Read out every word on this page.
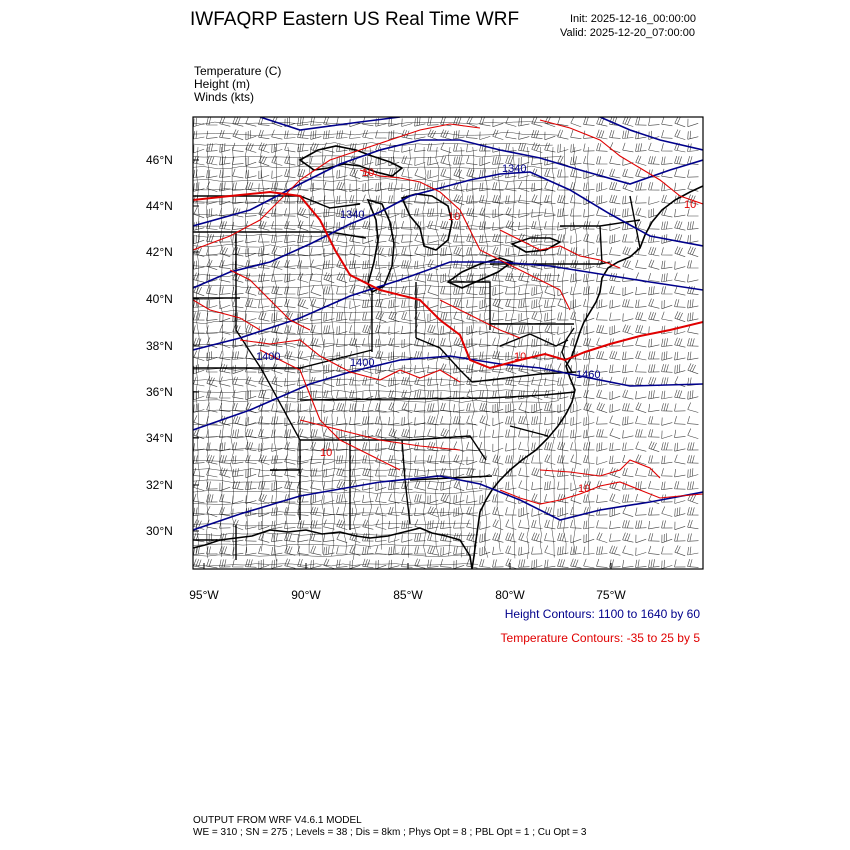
IWFAQRP Eastern US Real Time WRF	Init: 2025-12-16_00:00:00
Valid: 2025-12-20_07:00:00
Temperature (C)
Height (m)
Winds (kts)
1340
1340
1400
1460
1400
10
10
10
10
10
10
46°N
44°N
42°N
40°N
38°N
36°N
34°N
32°N
30°N
95°W	90°W	85°W	80°W	75°W
Height Contours: 1100 to 1640 by 60
Temperature Contours: -35 to 25 by 5
OUTPUT FROM WRF V4.6.1 MODEL
WE = 310 ; SN = 275 ; Levels = 38 ; Dis = 8km ; Phys Opt = 8 ; PBL Opt = 1 ; Cu Opt = 3
